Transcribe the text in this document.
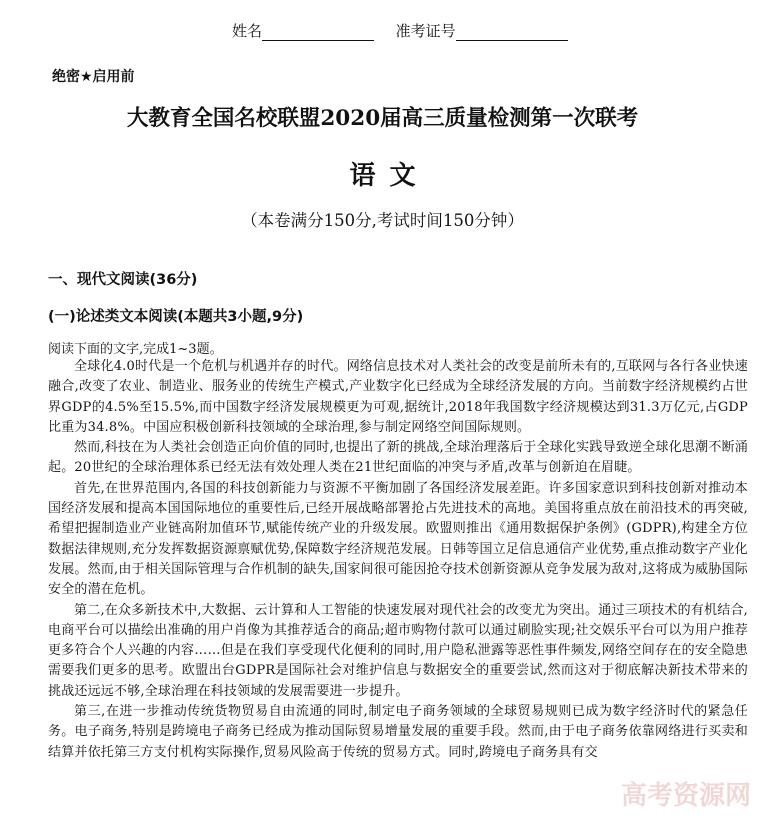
姓名	准考证号
绝密★启用前
大教育全国名校联盟2020届高三质量检测第一次联考
语文
（本卷满分150分,考试时间150分钟）
一、现代文阅读(36分)
(一)论述类文本阅读(本题共3小题,9分)
阅读下面的文字,完成1~3题。

全球化4.0时代是一个危机与机遇并存的时代。网络信息技术对人类社会的改变是前所未有的,互联网与各行各业快速融合,改变了农业、制造业、服务业的传统生产模式,产业数字化已经成为全球经济发展的方向。当前数字经济规模约占世界GDP的4.5%至15.5%,而中国数字经济发展规模更为可观,据统计,2018年我国数字经济规模达到31.3万亿元,占GDP比重为34.8%。中国应积极创新科技领域的全球治理,参与制定网络空间国际规则。

然而,科技在为人类社会创造正向价值的同时,也提出了新的挑战,全球治理落后于全球化实践导致逆全球化思潮不断涌起。20世纪的全球治理体系已经无法有效处理人类在21世纪面临的冲突与矛盾,改革与创新迫在眉睫。

首先,在世界范围内,各国的科技创新能力与资源不平衡加剧了各国经济发展差距。许多国家意识到科技创新对推动本国经济发展和提高本国国际地位的重要性后,已经开展战略部署抢占先进技术的高地。美国将重点放在前沿技术的再突破,希望把握制造业产业链高附加值环节,赋能传统产业的升级发展。欧盟则推出《通用数据保护条例》(GDPR),构建全方位数据法律规则,充分发挥数据资源禀赋优势,保障数字经济规范发展。日韩等国立足信息通信产业优势,重点推动数字产业化发展。然而,由于相关国际管理与合作机制的缺失,国家间很可能因抢夺技术创新资源从竞争发展为敌对,这将成为威胁国际安全的潜在危机。

第二,在众多新技术中,大数据、云计算和人工智能的快速发展对现代社会的改变尤为突出。通过三项技术的有机结合,电商平台可以描绘出准确的用户肖像为其推荐适合的商品;超市购物付款可以通过刷脸实现;社交娱乐平台可以为用户推荐更多符合个人兴趣的内容……但是在我们享受现代化便利的同时,用户隐私泄露等恶性事件频发,网络空间存在的安全隐患需要我们更多的思考。欧盟出台GDPR是国际社会对维护信息与数据安全的重要尝试,然而这对于彻底解决新技术带来的挑战还远远不够,全球治理在科技领域的发展需要进一步提升。

第三,在进一步推动传统货物贸易自由流通的同时,制定电子商务领域的全球贸易规则已成为数字经济时代的紧急任务。电子商务,特别是跨境电子商务已经成为推动国际贸易增量发展的重要手段。然而,由于电子商务依靠网络进行买卖和结算并依托第三方支付机构实际操作,贸易风险高于传统的贸易方式。同时,跨境电子商务具有交

高考资源网
